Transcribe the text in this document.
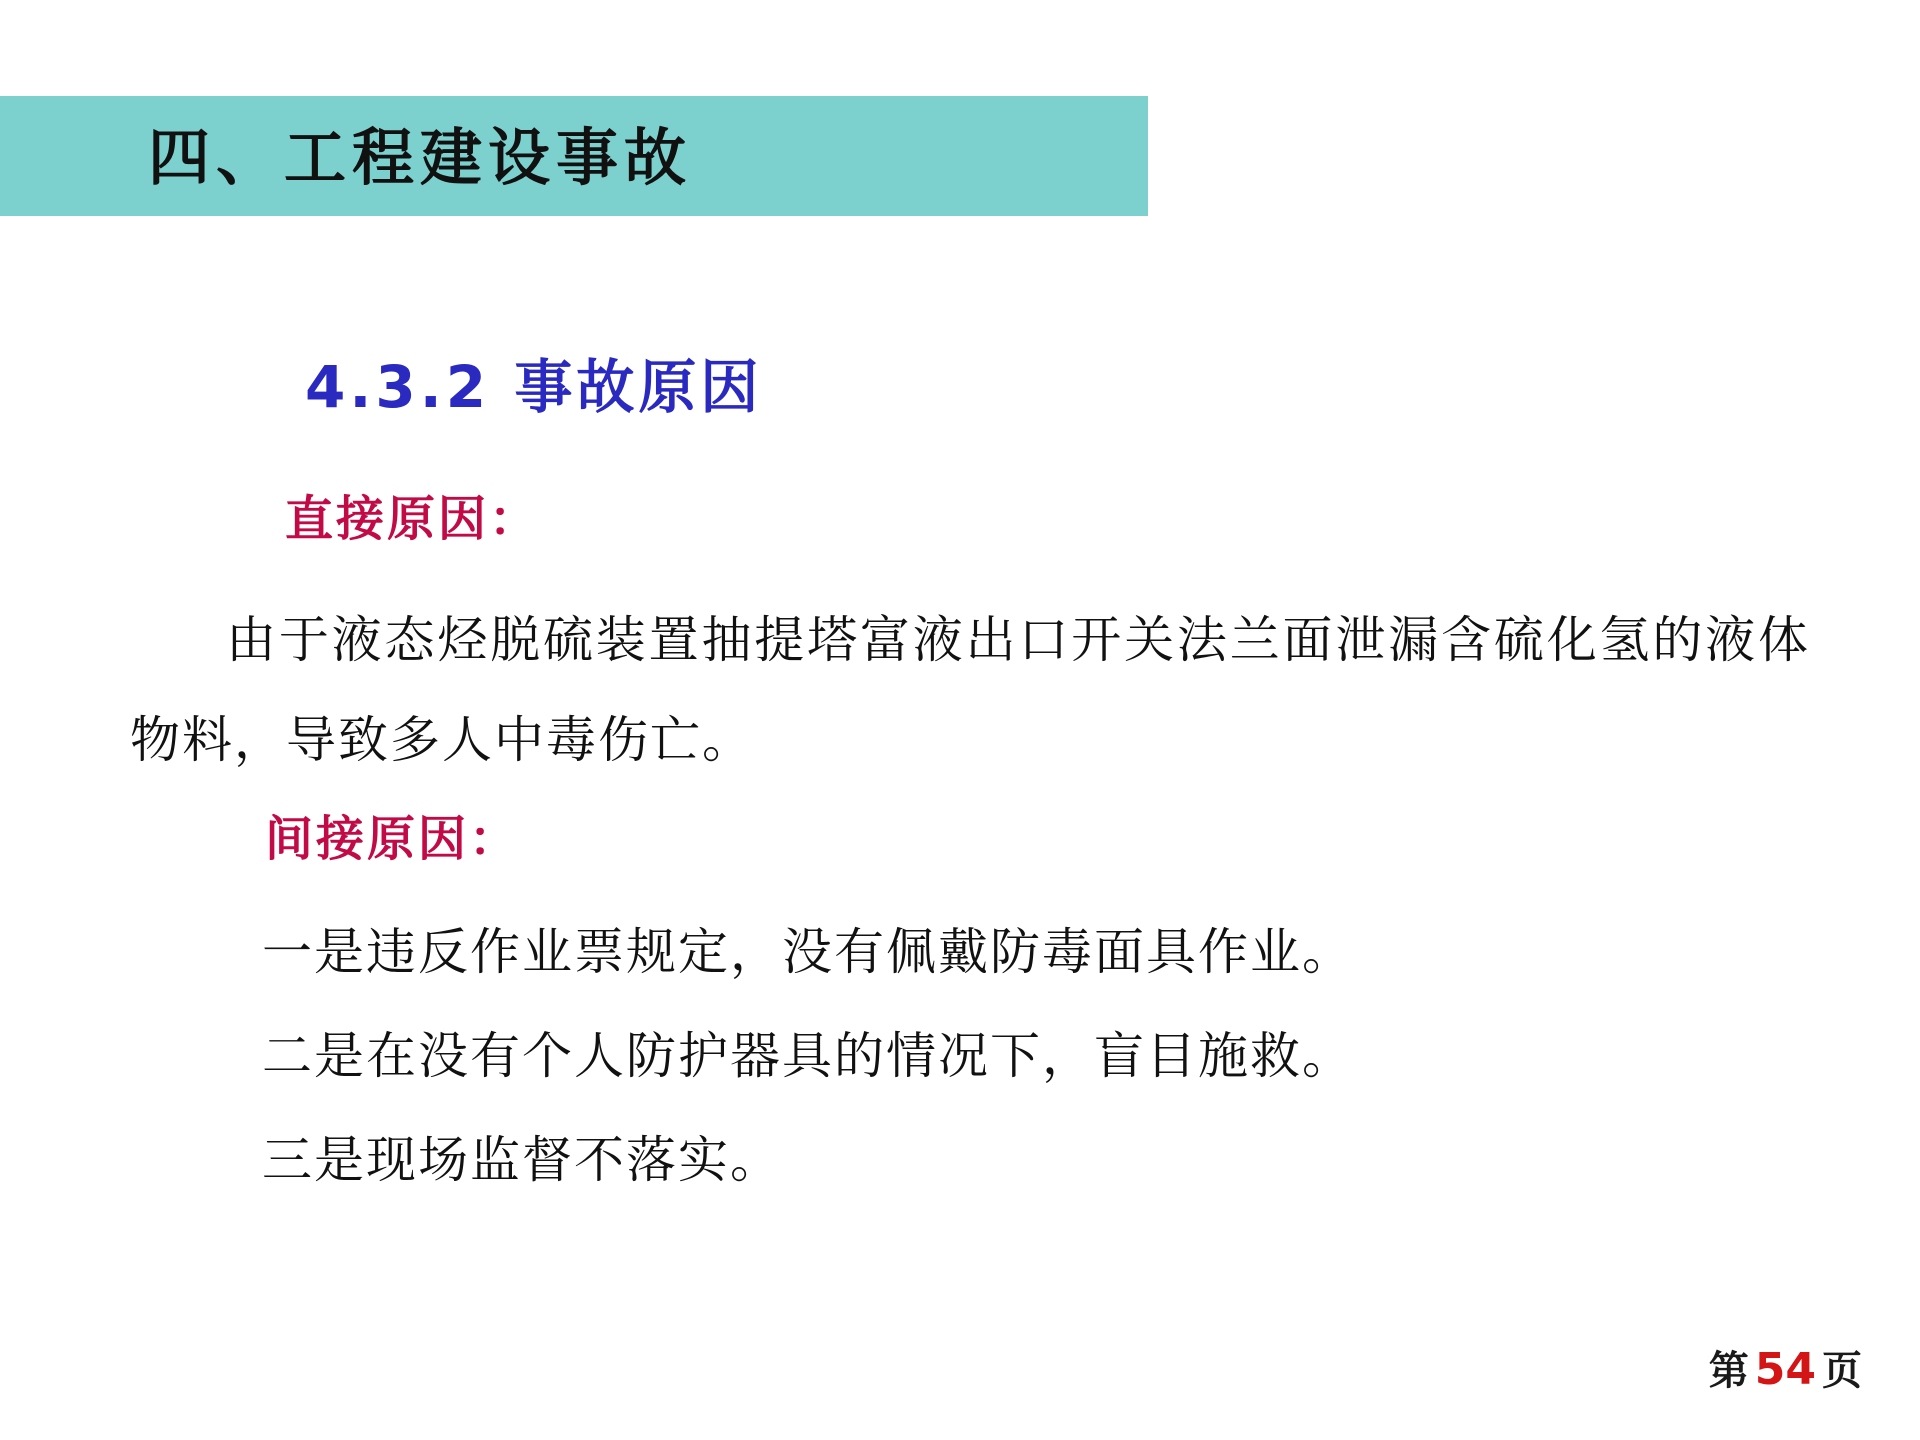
四、工程建设事故
4.3.2 事故原因
直接原因：
由于液态烃脱硫装置抽提塔富液出口开关法兰面泄漏含硫化氢的液体物料，导致多人中毒伤亡。
间接原因：
一是违反作业票规定，没有佩戴防毒面具作业。
二是在没有个人防护器具的情况下，盲目施救。
三是现场监督不落实。
第 54 页
